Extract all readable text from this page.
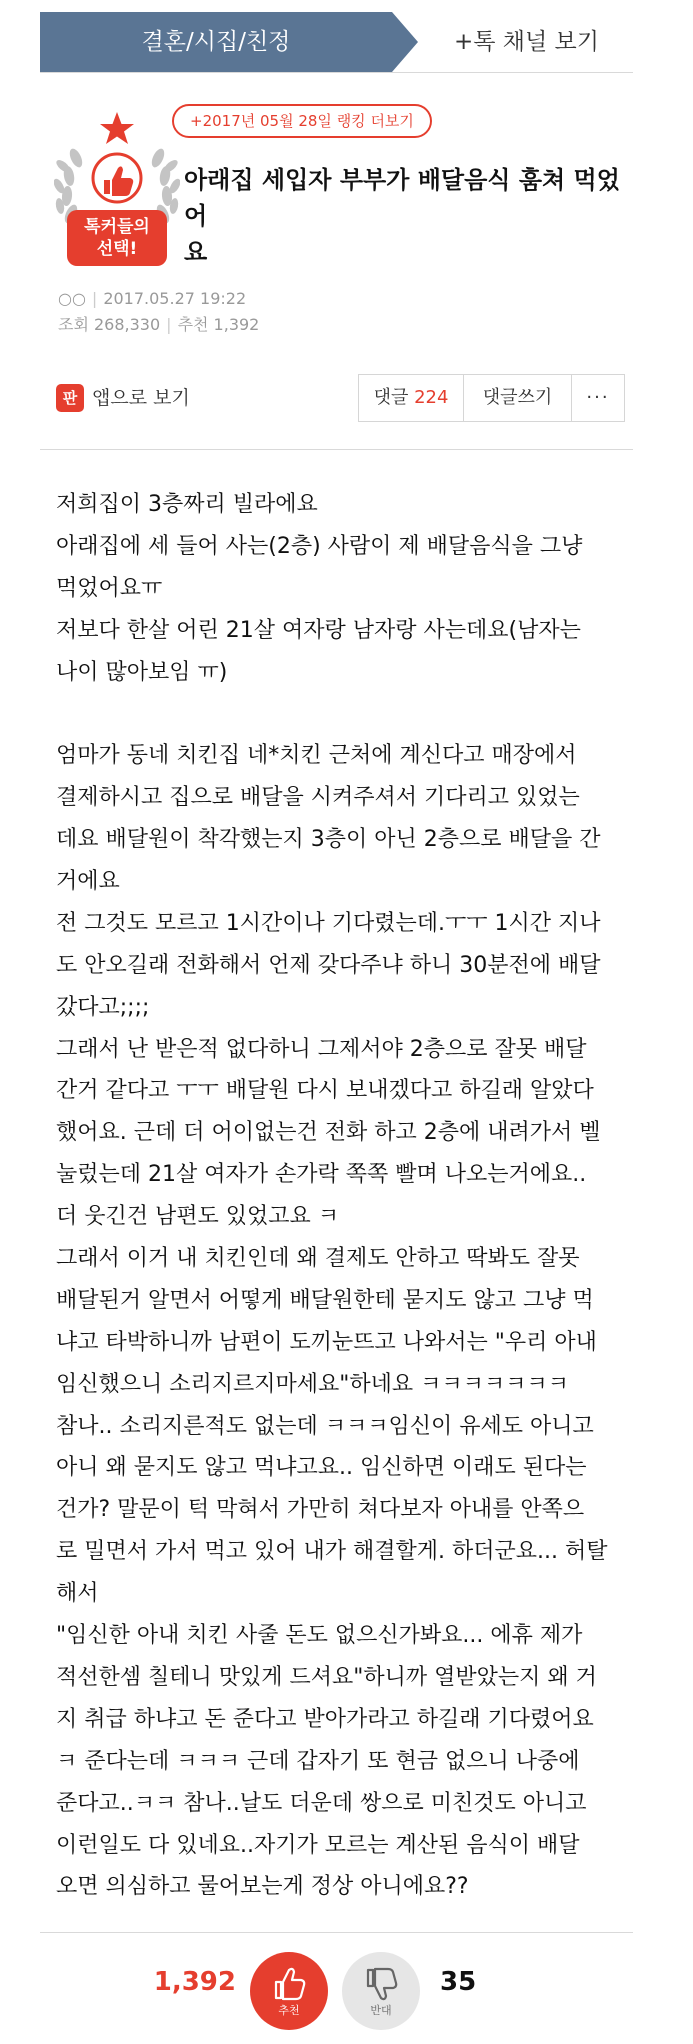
결혼/시집/친정	+톡 채널 보기
톡커들의
선택!
+2017년 05월 28일 랭킹 더보기
아래집 세입자 부부가 배달음식 훔쳐 먹었어
요
○○ | 2017.05.27 19:22
조회 268,330 | 추천 1,392
판 앱으로 보기	댓글 224	댓글쓰기	···

저희집이 3층짜리 빌라에요

아래집에 세 들어 사는(2층) 사람이 제 배달음식을 그냥

먹었어요ㅠ

저보다 한살 어린 21살 여자랑 남자랑 사는데요(남자는

나이 많아보임 ㅠ)

엄마가 동네 치킨집 네*치킨 근처에 계신다고 매장에서

결제하시고 집으로 배달을 시켜주셔서 기다리고 있었는

데요 배달원이 착각했는지 3층이 아닌 2층으로 배달을 간

거에요

전 그것도 모르고 1시간이나 기다렸는데.ㅜㅜ 1시간 지나

도 안오길래 전화해서 언제 갖다주냐 하니 30분전에 배달

갔다고;;;;

그래서 난 받은적 없다하니 그제서야 2층으로 잘못 배달

간거 같다고 ㅜㅜ 배달원 다시 보내겠다고 하길래 알았다

했어요. 근데 더 어이없는건 전화 하고 2층에 내려가서 벨

눌렀는데 21살 여자가 손가락 쪽쪽 빨며 나오는거에요..

더 웃긴건 남편도 있었고요 ㅋ

그래서 이거 내 치킨인데 왜 결제도 안하고 딱봐도 잘못

배달된거 알면서 어떻게 배달원한테 묻지도 않고 그냥 먹

냐고 타박하니까 남편이 도끼눈뜨고 나와서는 "우리 아내

임신했으니 소리지르지마세요"하네요 ㅋㅋㅋㅋㅋㅋㅋ

참나.. 소리지른적도 없는데 ㅋㅋㅋ임신이 유세도 아니고

아니 왜 묻지도 않고 먹냐고요.. 임신하면 이래도 된다는

건가? 말문이 턱 막혀서 가만히 쳐다보자 아내를 안쪽으

로 밀면서 가서 먹고 있어 내가 해결할게. 하더군요... 허탈

해서

"임신한 아내 치킨 사줄 돈도 없으신가봐요... 에휴 제가

적선한셈 칠테니 맛있게 드셔요"하니까 열받았는지 왜 거

지 취급 하냐고 돈 준다고 받아가라고 하길래 기다렸어요

ㅋ 준다는데 ㅋㅋㅋ 근데 갑자기 또 현금 없으니 나중에

준다고..ㅋㅋ 참나..날도 더운데 쌍으로 미친것도 아니고

이런일도 다 있네요..자기가 모르는 계산된 음식이 배달

오면 의심하고 물어보는게 정상 아니에요??

1,392
추천	반대
35
